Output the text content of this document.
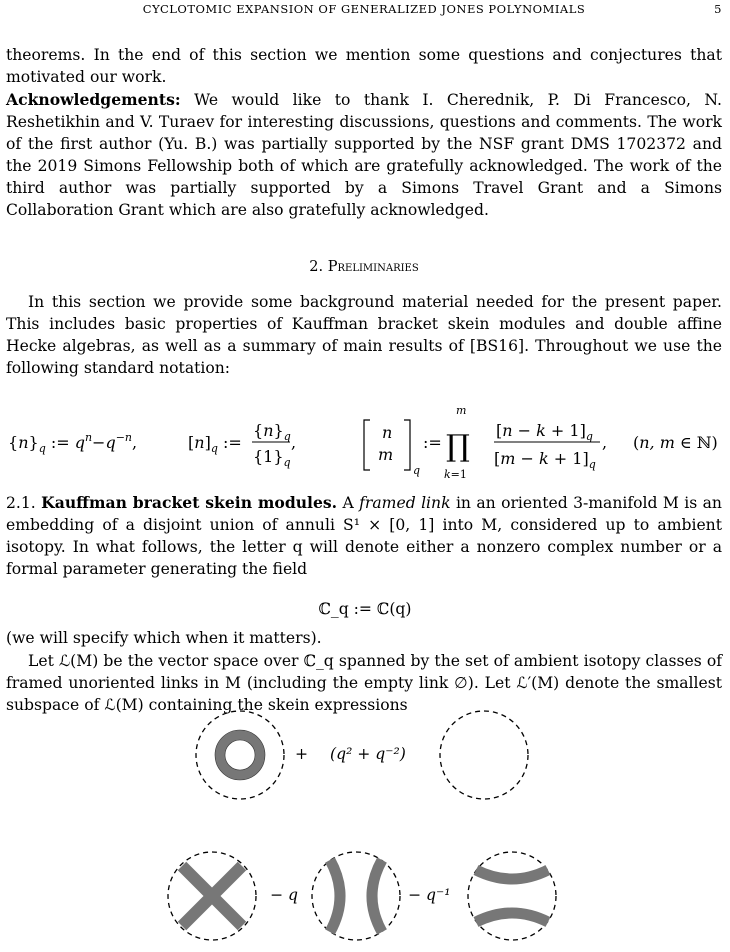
CYCLOTOMIC EXPANSION OF GENERALIZED JONES POLYNOMIALS	5

theorems. In the end of this section we mention some questions and conjectures that motivated our work.

Acknowledgements: We would like to thank I. Cherednik, P. Di Francesco, N. Reshetikhin and V. Turaev for interesting discussions, questions and comments. The work of the first author (Yu. B.) was partially supported by the NSF grant DMS 1702372 and the 2019 Simons Fellowship both of which are gratefully acknowledged. The work of the third author was partially supported by a Simons Travel Grant and a Simons Collaboration Grant which are also gratefully acknowledged.

2. Preliminaries

In this section we provide some background material needed for the present paper. This includes basic properties of Kauffman bracket skein modules and double affine Hecke algebras, as well as a summary of main results of [BS16]. Throughout we use the following standard notation:

$\{n\}_q$ := $q^n-q^{-n}$,	$[n]_q$ :=
$\{n\}_q$
$\{1\}_q$
,
n
m
q
:=
m
∏
k=1
$[n - k + 1]_q$
$[m - k + 1]_q$
, (n, m ∈ ℕ)

2.1. Kauffman bracket skein modules. A framed link in an oriented 3-manifold M is an embedding of a disjoint union of annuli S¹ × [0, 1] into M, considered up to ambient isotopy. In what follows, the letter q will denote either a nonzero complex number or a formal parameter generating the field

ℂ_q := ℂ(q)

(we will specify which when it matters).

Let ℒ(M) be the vector space over ℂ_q spanned by the set of ambient isotopy classes of framed unoriented links in M (including the empty link ∅). Let ℒ′(M) denote the smallest subspace of ℒ(M) containing the skein expressions

+ (q² + q⁻²)
− q	− q⁻¹
